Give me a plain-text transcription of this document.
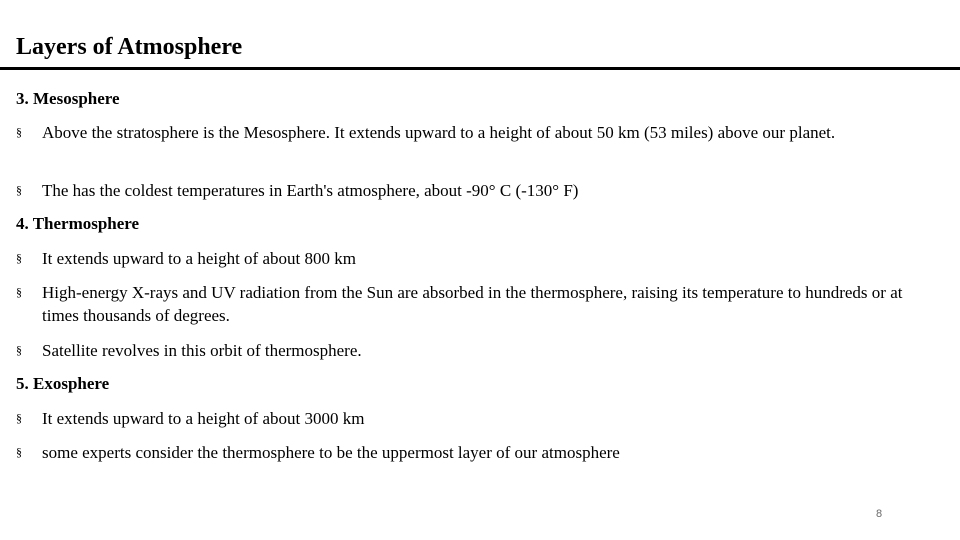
Layers of Atmosphere
3. Mesosphere
§ Above the stratosphere is the Mesosphere. It extends upward to a height of about 50 km (53 miles) above our planet.
§ The has the coldest temperatures in Earth's atmosphere, about -90° C (-130° F)
4. Thermosphere
§ It extends upward to a height of about 800 km
§ High-energy X-rays and UV radiation from the Sun are absorbed in the thermosphere, raising its temperature to hundreds or at times thousands of degrees.
§ Satellite revolves in this orbit of thermosphere.
5. Exosphere
§ It extends upward to a height of about 3000 km
§ some experts consider the thermosphere to be the uppermost layer of our atmosphere
8
